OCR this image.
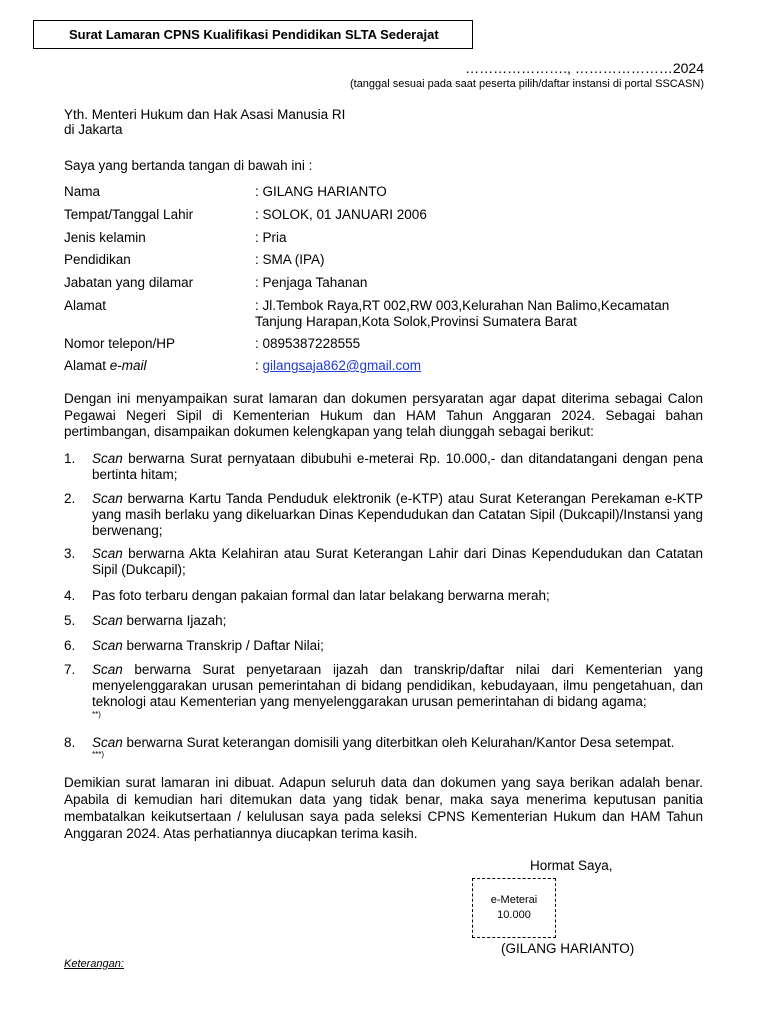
Surat Lamaran CPNS Kualifikasi Pendidikan SLTA Sederajat
…………………., …………………2024
(tanggal sesuai pada saat peserta pilih/daftar instansi di portal SSCASN)
Yth. Menteri Hukum dan Hak Asasi Manusia RI
di Jakarta
Saya yang bertanda tangan di bawah ini :
Nama	: GILANG HARIANTO
Tempat/Tanggal Lahir	: SOLOK, 01 JANUARI 2006
Jenis kelamin	: Pria
Pendidikan	: SMA (IPA)
Jabatan yang dilamar	: Penjaga Tahanan
Alamat	: Jl.Tembok Raya,RT 002,RW 003,Kelurahan Nan Balimo,Kecamatan
Tanjung Harapan,Kota Solok,Provinsi Sumatera Barat
Nomor telepon/HP	: 0895387228555
Alamat e-mail	: gilangsaja862@gmail.com
Dengan ini menyampaikan surat lamaran dan dokumen persyaratan agar dapat diterima sebagai Calon Pegawai Negeri Sipil di Kementerian Hukum dan HAM Tahun Anggaran 2024. Sebagai bahan pertimbangan, disampaikan dokumen kelengkapan yang telah diunggah sebagai berikut:
1.	Scan berwarna Surat pernyataan dibubuhi e-meterai Rp. 10.000,- dan ditandatangani dengan pena bertinta hitam;
2.	Scan berwarna Kartu Tanda Penduduk elektronik (e-KTP) atau Surat Keterangan Perekaman e-KTP yang masih berlaku yang dikeluarkan Dinas Kependudukan dan Catatan Sipil (Dukcapil)/Instansi yang berwenang;
3.	Scan berwarna Akta Kelahiran atau Surat Keterangan Lahir dari Dinas Kependudukan dan Catatan Sipil (Dukcapil);
4.	Pas foto terbaru dengan pakaian formal dan latar belakang berwarna merah;
5.	Scan berwarna Ijazah;
6.	Scan berwarna Transkrip / Daftar Nilai;
7.	Scan berwarna Surat penyetaraan ijazah dan transkrip/daftar nilai dari Kementerian yang menyelenggarakan urusan pemerintahan di bidang pendidikan, kebudayaan, ilmu pengetahuan, dan teknologi atau Kementerian yang menyelenggarakan urusan pemerintahan di bidang agama;
**)
8.	Scan berwarna Surat keterangan domisili yang diterbitkan oleh Kelurahan/Kantor Desa setempat.
***)
Demikian surat lamaran ini dibuat. Adapun seluruh data dan dokumen yang saya berikan adalah benar. Apabila di kemudian hari ditemukan data yang tidak benar, maka saya menerima keputusan panitia membatalkan keikutsertaan / kelulusan saya pada seleksi CPNS Kementerian Hukum dan HAM Tahun Anggaran 2024. Atas perhatiannya diucapkan terima kasih.
Hormat Saya,
e-Meterai
10.000
(GILANG HARIANTO)
Keterangan:
